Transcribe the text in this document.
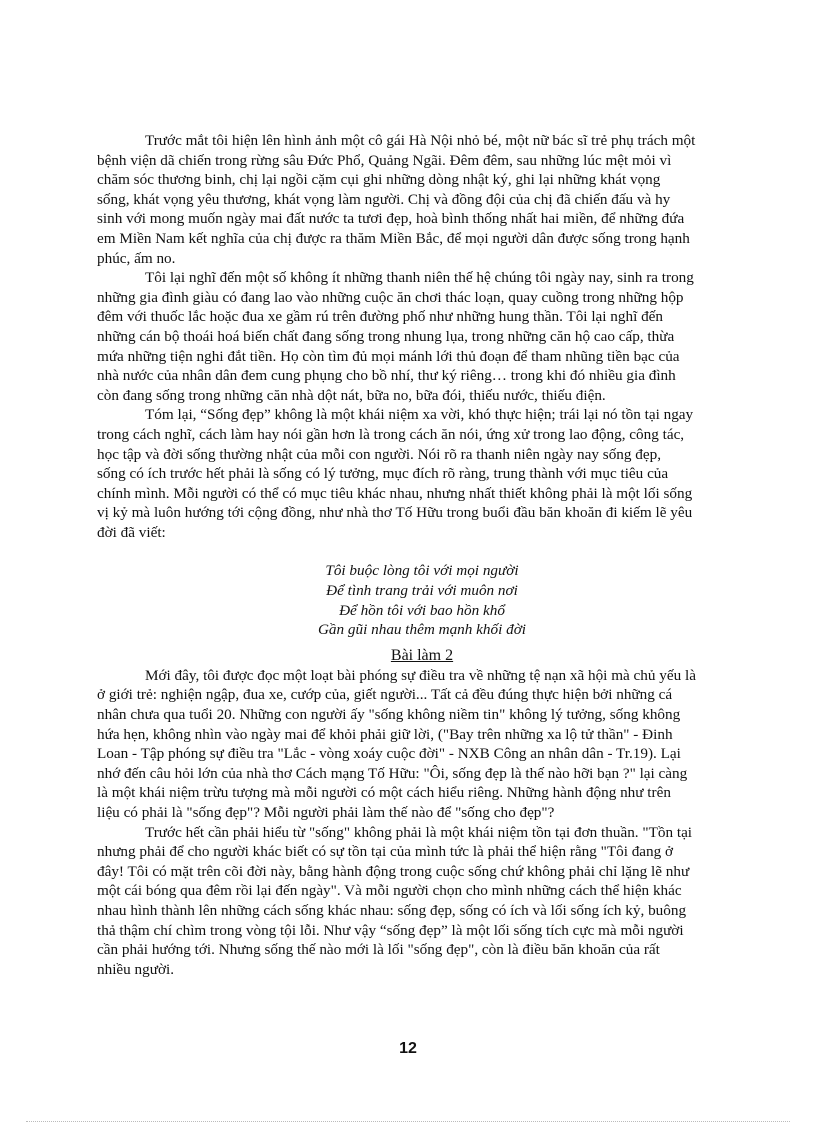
Trước mắt tôi hiện lên hình ảnh một cô gái Hà Nội nhỏ bé, một nữ bác sĩ trẻ phụ trách một
bệnh viện dã chiến trong rừng sâu Đức Phổ, Quảng Ngãi. Đêm đêm, sau những lúc mệt mỏi vì
chăm sóc thương binh, chị lại ngồi cặm cụi ghi những dòng nhật ký, ghi lại những khát vọng
sống, khát vọng yêu thương, khát vọng làm người. Chị và đồng đội của chị đã chiến đấu và hy
sinh với mong muốn ngày mai đất nước ta tươi đẹp, hoà bình thống nhất hai miền, để những đứa
em Miền Nam kết nghĩa của chị được ra thăm Miền Bắc, để mọi người dân được sống trong hạnh
phúc, ấm no.
Tôi lại nghĩ đến một số không ít những thanh niên thế hệ chúng tôi ngày nay, sinh ra trong
những gia đình giàu có đang lao vào những cuộc ăn chơi thác loạn, quay cuồng trong những hộp
đêm với thuốc lắc hoặc đua xe gầm rú trên đường phố như những hung thần. Tôi lại nghĩ đến
những cán bộ thoái hoá biến chất đang sống trong nhung lụa, trong những căn hộ cao cấp, thừa
mứa những tiện nghi đắt tiền. Họ còn tìm đủ mọi mánh lới thủ đoạn để tham nhũng tiền bạc của
nhà nước của nhân dân đem cung phụng cho bồ nhí, thư ký riêng… trong khi đó nhiều gia đình
còn đang sống trong những căn nhà dột nát, bữa no, bữa đói, thiếu nước, thiếu điện.
Tóm lại, “Sống đẹp” không là một khái niệm xa vời, khó thực hiện; trái lại nó tồn tại ngay
trong cách nghĩ, cách làm hay nói gần hơn là trong cách ăn nói, ứng xử trong lao động, công tác,
học tập và đời sống thường nhật của mỗi con người. Nói rõ ra thanh niên ngày nay sống đẹp,
sống có ích trước hết phải là sống có lý tưởng, mục đích rõ ràng, trung thành với mục tiêu của
chính mình. Mỗi người có thể có mục tiêu khác nhau, nhưng nhất thiết không phải là một lối sống
vị kỷ mà luôn hướng tới cộng đồng, như nhà thơ Tố Hữu trong buổi đầu băn khoăn đi kiếm lẽ yêu
đời đã viết:
Tôi buộc lòng tôi với mọi người
Để tình trang trải với muôn nơi
Để hồn tôi với bao hồn khổ
Gần gũi nhau thêm mạnh khối đời
Bài làm 2
Mới đây, tôi được đọc một loạt bài phóng sự điều tra về những tệ nạn xã hội mà chủ yếu là
ở giới trẻ: nghiện ngập, đua xe, cướp của, giết người... Tất cả đều đúng thực hiện bởi những cá
nhân chưa qua tuổi 20. Những con người ấy "sống không niềm tin" không lý tưởng, sống không
hứa hẹn, không nhìn vào ngày mai để khỏi phải giữ lời, ("Bay trên những xa lộ tử thần" - Đinh
Loan - Tập phóng sự điều tra "Lắc - vòng xoáy cuộc đời" - NXB Công an nhân dân - Tr.19). Lại
nhớ đến câu hỏi lớn của nhà thơ Cách mạng Tố Hữu: "Ôi, sống đẹp là thế nào hỡi bạn ?" lại càng
là một khái niệm trừu tượng mà mỗi người có một cách hiểu riêng. Những hành động như trên
liệu có phải là "sống đẹp"? Mỗi người phải làm thế nào để "sống cho đẹp"?
Trước hết cần phải hiểu từ "sống" không phải là một khái niệm tồn tại đơn thuần. "Tồn tại
nhưng phải để cho người khác biết có sự tồn tại của mình tức là phải thể hiện rằng "Tôi đang ở
đây! Tôi có mặt trên cõi đời này, bằng hành động trong cuộc sống chứ không phải chỉ lặng lẽ như
một cái bóng qua đêm rồi lại đến ngày". Và mỗi người chọn cho mình những cách thể hiện khác
nhau hình thành lên những cách sống khác nhau: sống đẹp, sống có ích và lối sống ích kỷ, buông
thả thậm chí chìm trong vòng tội lỗi. Như vậy “sống đẹp” là một lối sống tích cực mà mỗi người
cần phải hướng tới. Nhưng sống thế nào mới là lối "sống đẹp", còn là điều băn khoăn của rất
nhiều người.
12
